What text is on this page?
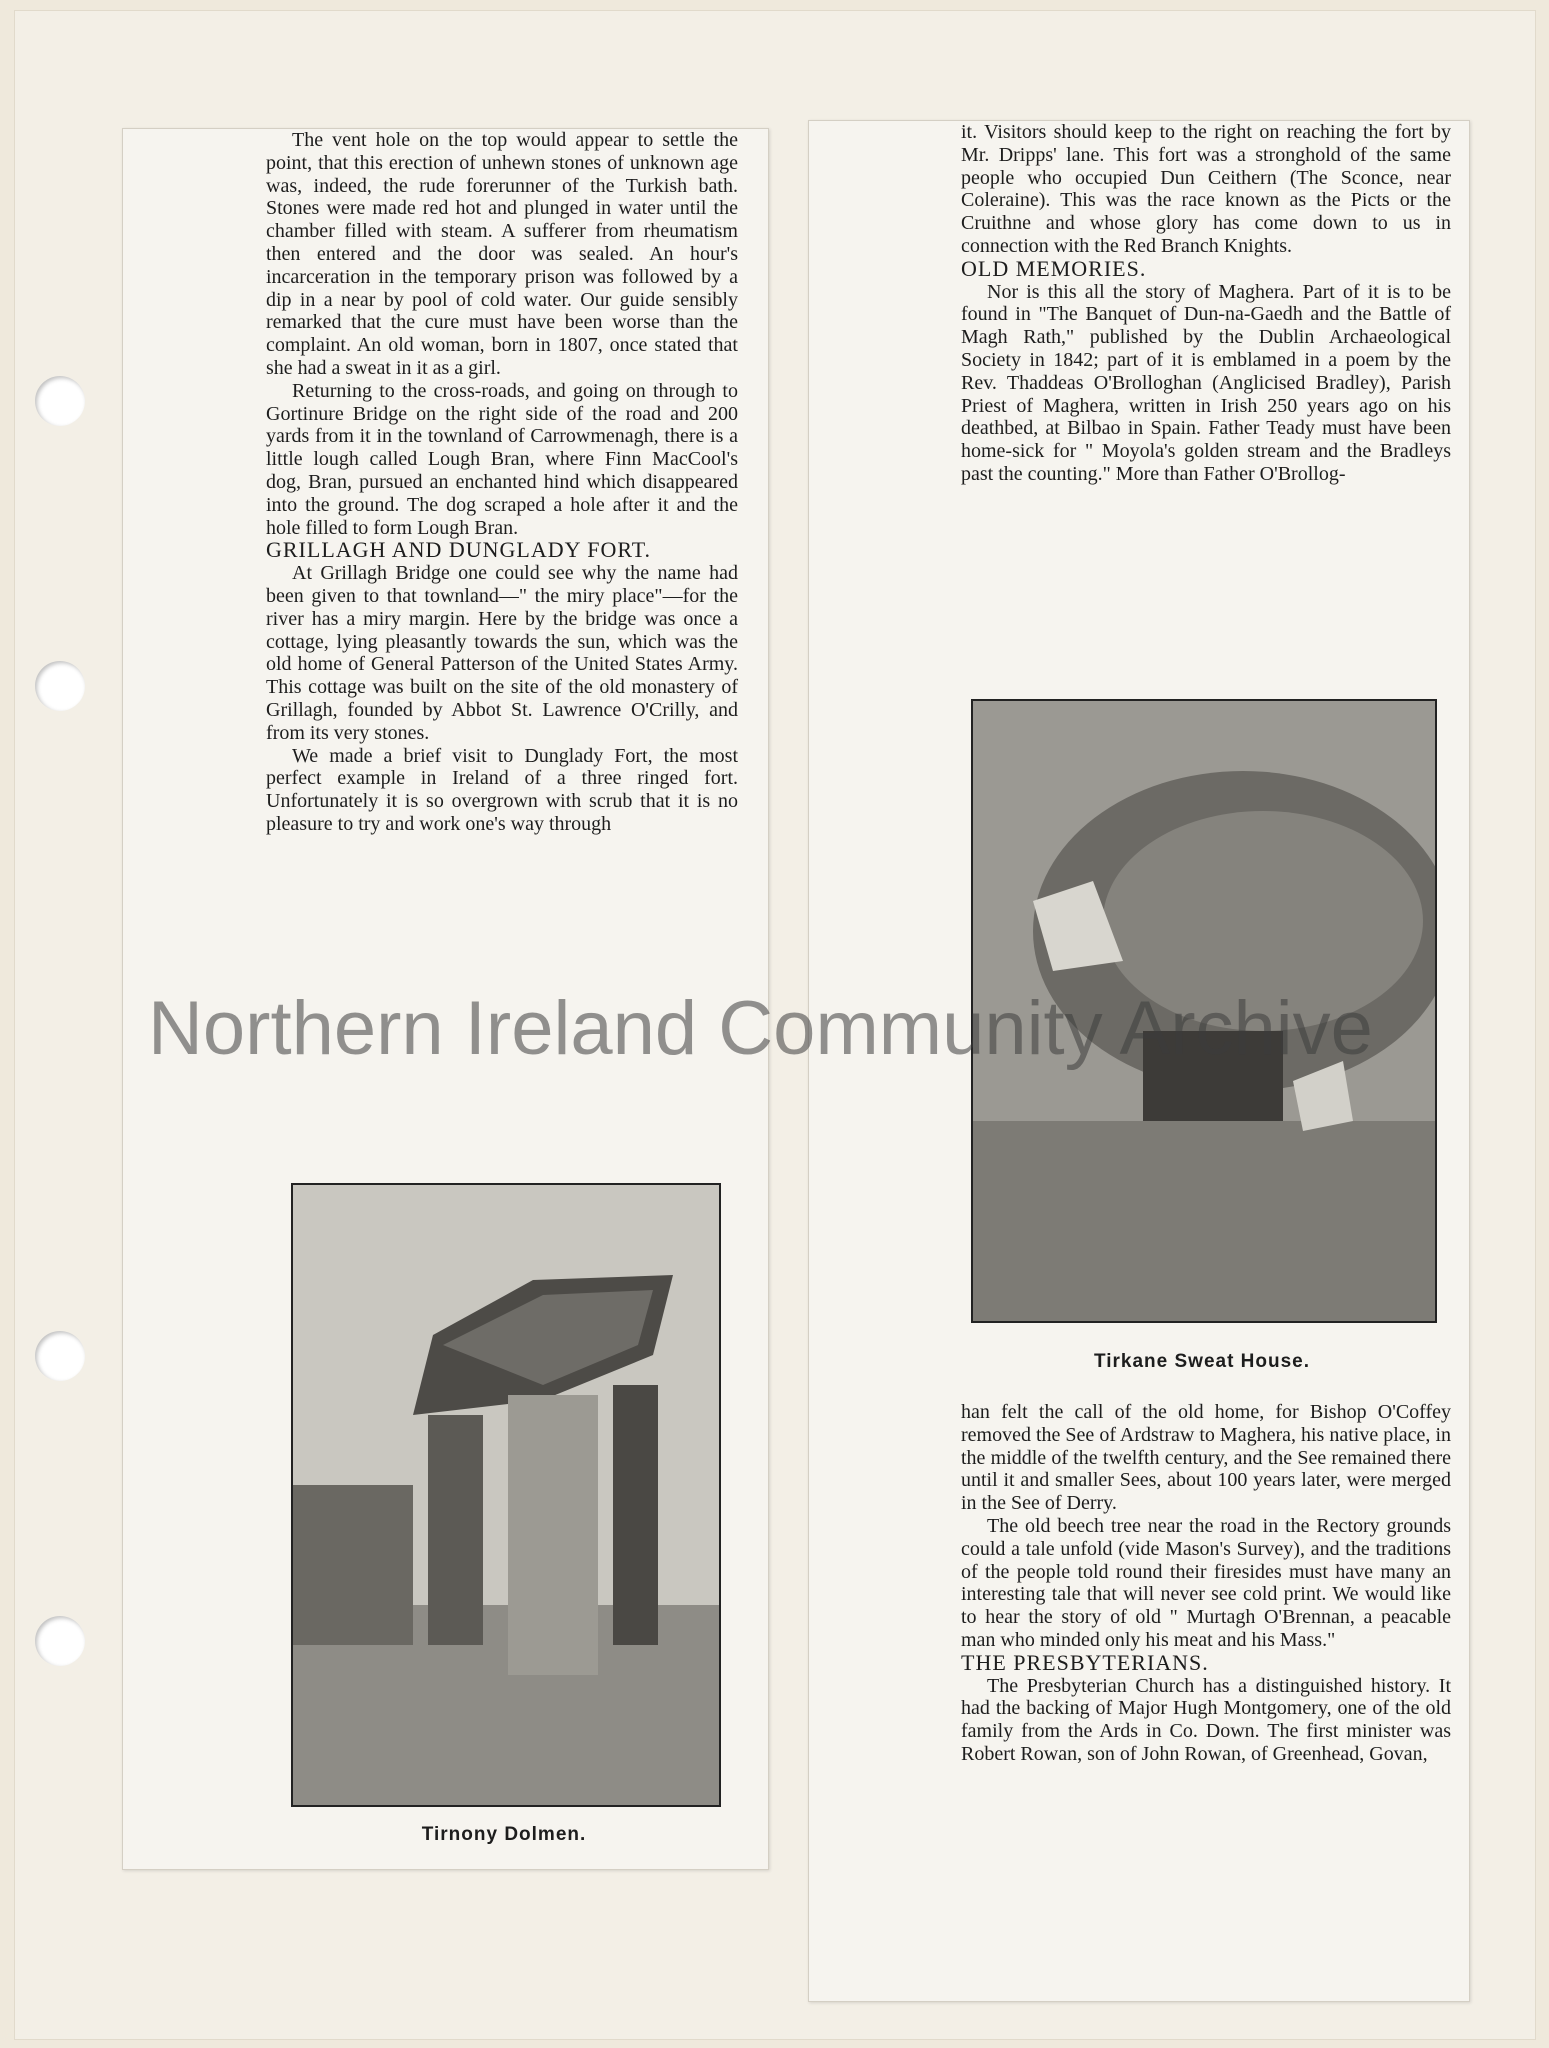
The vent hole on the top would appear to settle the point, that this erection of unhewn stones of unknown age was, indeed, the rude forerunner of the Turkish bath. Stones were made red hot and plunged in water until the chamber filled with steam. A sufferer from rheumatism then entered and the door was sealed. An hour's incarceration in the temporary prison was followed by a dip in a near by pool of cold water. Our guide sensibly remarked that the cure must have been worse than the complaint. An old woman, born in 1807, once stated that she had a sweat in it as a girl.

Returning to the cross-roads, and going on through to Gortinure Bridge on the right side of the road and 200 yards from it in the townland of Carrowmenagh, there is a little lough called Lough Bran, where Finn MacCool's dog, Bran, pursued an enchanted hind which disappeared into the ground. The dog scraped a hole after it and the hole filled to form Lough Bran.

GRILLAGH AND DUNGLADY FORT.

At Grillagh Bridge one could see why the name had been given to that townland—" the miry place"—for the river has a miry margin. Here by the bridge was once a cottage, lying pleasantly towards the sun, which was the old home of General Patterson of the United States Army. This cottage was built on the site of the old monastery of Grillagh, founded by Abbot St. Lawrence O'Crilly, and from its very stones.

We made a brief visit to Dunglady Fort, the most perfect example in Ireland of a three ringed fort. Unfortunately it is so overgrown with scrub that it is no pleasure to try and work one's way through

Tirnony Dolmen.

it. Visitors should keep to the right on reaching the fort by Mr. Dripps' lane. This fort was a stronghold of the same people who occupied Dun Ceithern (The Sconce, near Coleraine). This was the race known as the Picts or the Cruithne and whose glory has come down to us in connection with the Red Branch Knights.

OLD MEMORIES.

Nor is this all the story of Maghera. Part of it is to be found in "The Banquet of Dun-na-Gaedh and the Battle of Magh Rath," published by the Dublin Archaeological Society in 1842; part of it is emblamed in a poem by the Rev. Thaddeas O'Brolloghan (Anglicised Bradley), Parish Priest of Maghera, written in Irish 250 years ago on his deathbed, at Bilbao in Spain. Father Teady must have been home-sick for " Moyola's golden stream and the Bradleys past the counting." More than Father O'Brollog-

Tirkane Sweat House.

han felt the call of the old home, for Bishop O'Coffey removed the See of Ardstraw to Maghera, his native place, in the middle of the twelfth century, and the See remained there until it and smaller Sees, about 100 years later, were merged in the See of Derry.

The old beech tree near the road in the Rectory grounds could a tale unfold (vide Mason's Survey), and the traditions of the people told round their firesides must have many an interesting tale that will never see cold print. We would like to hear the story of old " Murtagh O'Brennan, a peacable man who minded only his meat and his Mass."

THE PRESBYTERIANS.

The Presbyterian Church has a distinguished history. It had the backing of Major Hugh Montgomery, one of the old family from the Ards in Co. Down. The first minister was Robert Rowan, son of John Rowan, of Greenhead, Govan,

Northern Ireland Community Archive
